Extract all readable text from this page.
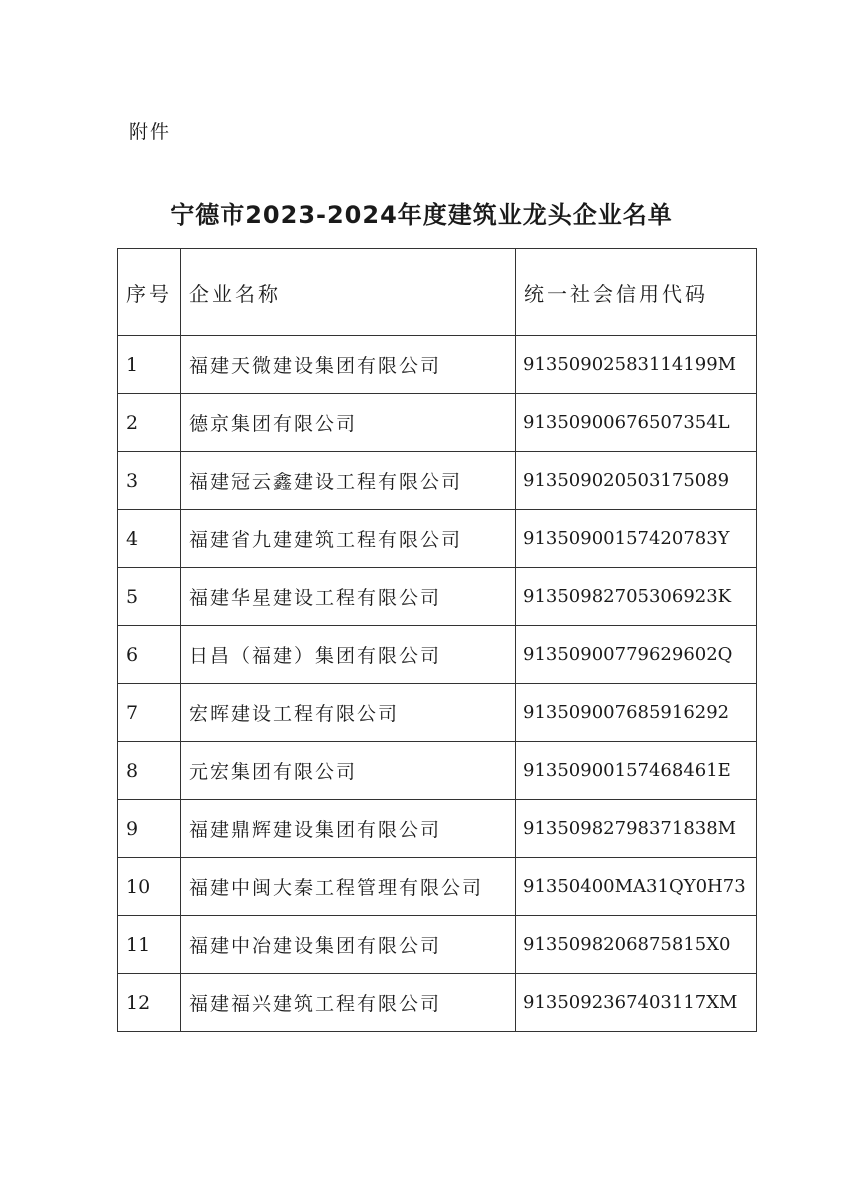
附件
宁德市2023-2024年度建筑业龙头企业名单
序号	企业名称	统一社会信用代码
1	福建天微建设集团有限公司	91350902583114199M
2	德京集团有限公司	91350900676507354L
3	福建冠云鑫建设工程有限公司	913509020503175089
4	福建省九建建筑工程有限公司	91350900157420783Y
5	福建华星建设工程有限公司	91350982705306923K
6	日昌（福建）集团有限公司	91350900779629602Q
7	宏晖建设工程有限公司	913509007685916292
8	元宏集团有限公司	91350900157468461E
9	福建鼎辉建设集团有限公司	91350982798371838M
10	福建中闽大秦工程管理有限公司	91350400MA31QY0H73
11	福建中冶建设集团有限公司	9135098206875815X0
12	福建福兴建筑工程有限公司	9135092367403117XM
